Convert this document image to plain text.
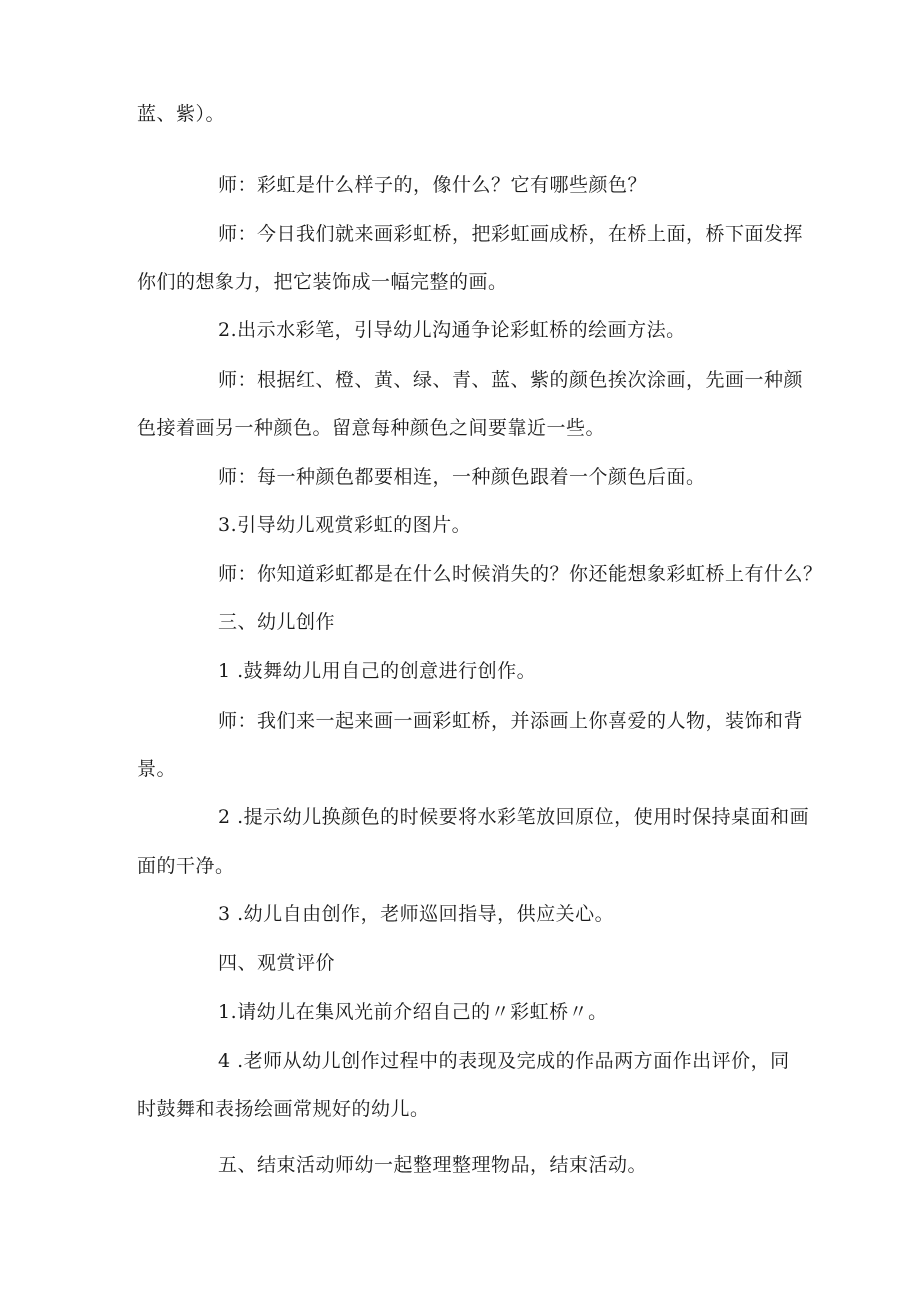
蓝、紫）。
师：彩虹是什么样子的，像什么？它有哪些颜色？
师：今日我们就来画彩虹桥，把彩虹画成桥，在桥上面，桥下面发挥
你们的想象力，把它装饰成一幅完整的画。
2.出示水彩笔，引导幼儿沟通争论彩虹桥的绘画方法。
师：根据红、橙、黄、绿、青、蓝、紫的颜色挨次涂画，先画一种颜
色接着画另一种颜色。留意每种颜色之间要靠近一些。
师：每一种颜色都要相连，一种颜色跟着一个颜色后面。
3.引导幼儿观赏彩虹的图片。
师：你知道彩虹都是在什么时候消失的？你还能想象彩虹桥上有什么？
三、幼儿创作
1 .鼓舞幼儿用自己的创意进行创作。
师：我们来一起来画一画彩虹桥，并添画上你喜爱的人物，装饰和背
景。
2 .提示幼儿换颜色的时候要将水彩笔放回原位，使用时保持桌面和画
面的干净。
3 .幼儿自由创作，老师巡回指导，供应关心。
四、观赏评价
1.请幼儿在集风光前介绍自己的〃彩虹桥〃。
4 .老师从幼儿创作过程中的表现及完成的作品两方面作出评价，同
时鼓舞和表扬绘画常规好的幼儿。
五、结束活动师幼一起整理整理物品，结束活动。
